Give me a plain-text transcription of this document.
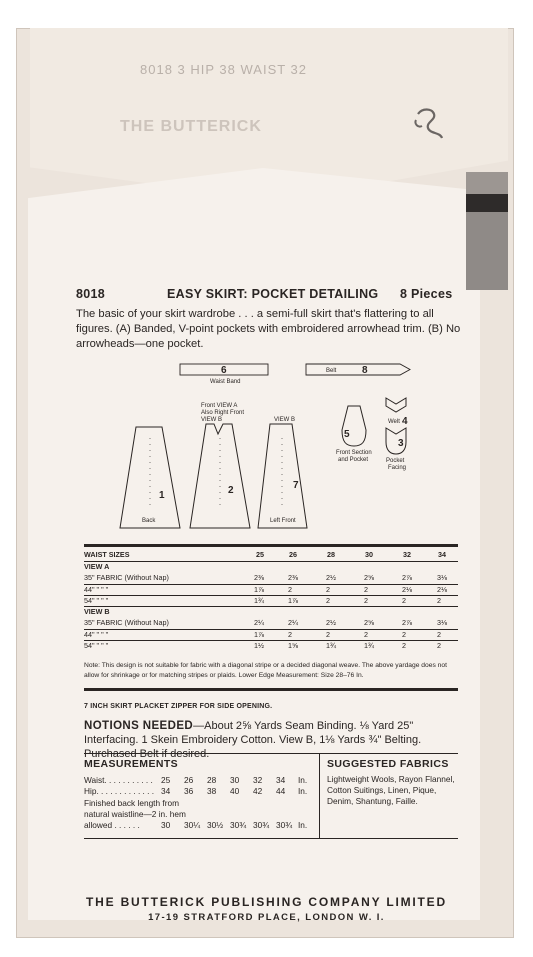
8018 3 HIP 38 WAIST 32
THE BUTTERICK
8018	EASY SKIRT: POCKET DETAILING 8 Pieces
The basic of your skirt wardrobe . . . a semi-full skirt that's flattering to all figures. (A) Banded, V-point pockets with embroidered arrowhead trim. (B) No arrowheads—one pocket.
6
Waist Band
Belt	8
1
Back
Front VIEW A
Also Right Front
VIEW B
2
VIEW B
7
Left Front
5
Front Section
and Pocket
Welt 4
3
Pocket
Facing
WAIST SIZES	25	26	28	30	32	34
VIEW A
35" FABRIC (Without Nap)	2⅜	2⅜	2½	2⅝	2⅞	3⅛
44" " " "	1⅞	2	2	2	2⅛	2⅛
54" " " "	1¾	1⅞	2	2	2	2
VIEW B
35" FABRIC (Without Nap)	2¼	2¼	2½	2⅝	2⅞	3⅛
44" " " "	1⅞	2	2	2	2	2
54" " " "	1½	1⅝	1¾	1¾	2	2
Note: This design is not suitable for fabric with a diagonal stripe or a decided diagonal weave. The above yardage does not allow for shrinkage or for matching stripes or plaids. Lower Edge Measurement: Size 28–76 In.
7 INCH SKIRT PLACKET ZIPPER FOR SIDE OPENING.
NOTIONS NEEDED—About 2⅝ Yards Seam Binding. ⅛ Yard 25" Interfacing. 1 Skein Embroidery Cotton. View B, 1⅛ Yards ¾" Belting.
MEASUREMENTS
Waist. . . . . . . . . . . 25 26 28 30 32 34 In.
Hip. . . . . . . . . . . . . 34 36 38 40 42 44 In.
Finished back length from
natural waistline—2 in. hem
allowed . . . . . .	30 30¼ 30½ 30¾ 30¾ 30¾ In.
SUGGESTED FABRICS
Lightweight Wools, Rayon Flannel, Cotton Suitings, Linen, Pique, Denim, Shantung, Faille.
THE BUTTERICK PUBLISHING COMPANY LIMITED
17-19 STRATFORD PLACE, LONDON W. I.
